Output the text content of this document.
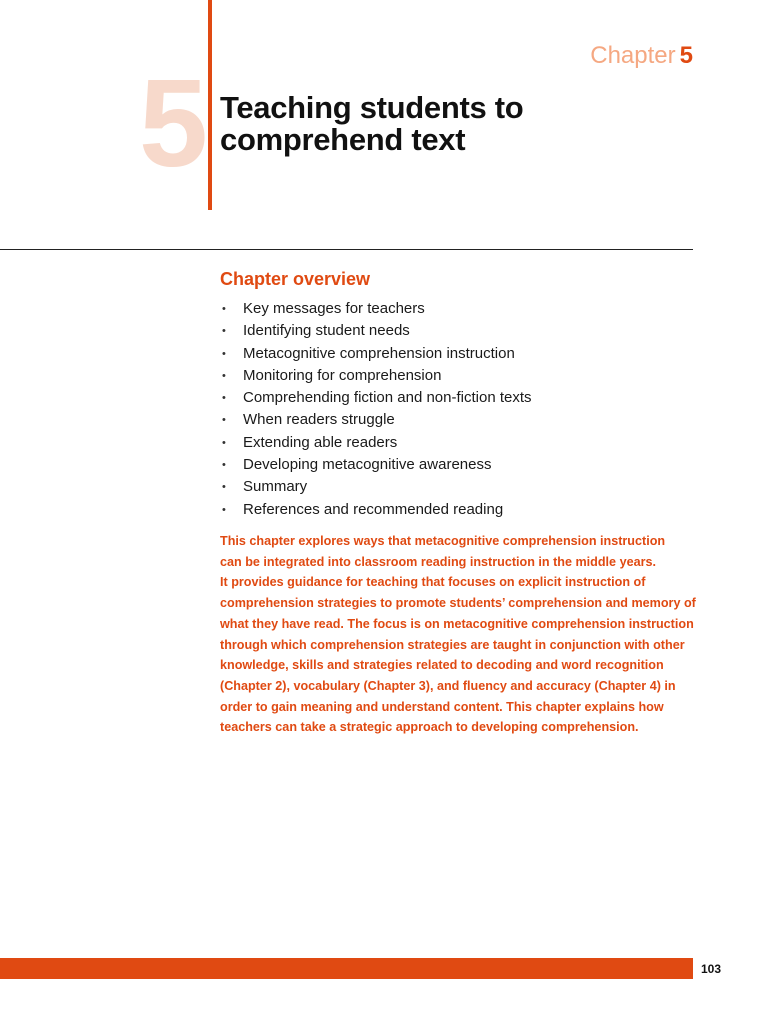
5	Chapter 5
Teaching students to
comprehend text
Chapter overview
• Key messages for teachers
• Identifying student needs
• Metacognitive comprehension instruction
• Monitoring for comprehension
• Comprehending fiction and non-fiction texts
• When readers struggle
• Extending able readers
• Developing metacognitive awareness
• Summary
• References and recommended reading
This chapter explores ways that metacognitive comprehension instruction
can be integrated into classroom reading instruction in the middle years.
It provides guidance for teaching that focuses on explicit instruction of
comprehension strategies to promote students’ comprehension and memory of
what they have read. The focus is on metacognitive comprehension instruction
through which comprehension strategies are taught in conjunction with other
knowledge, skills and strategies related to decoding and word recognition
(Chapter 2), vocabulary (Chapter 3), and fluency and accuracy (Chapter 4) in
order to gain meaning and understand content. This chapter explains how
teachers can take a strategic approach to developing comprehension.
103
